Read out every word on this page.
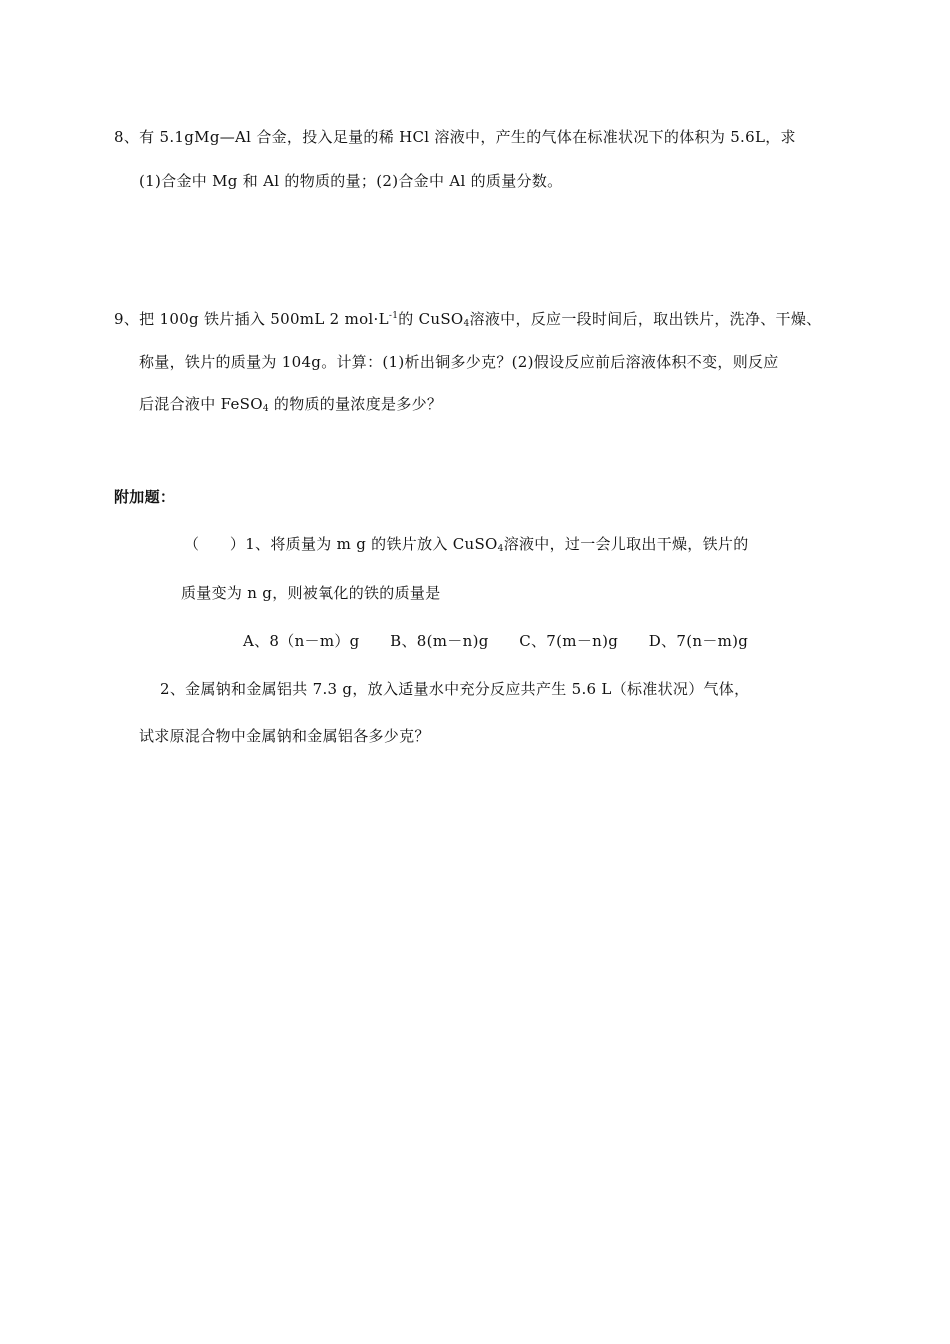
8、有 5.1gMg—Al 合金，投入足量的稀 HCl 溶液中，产生的气体在标准状况下的体积为 5.6L，求
(1)合金中 Mg 和 Al 的物质的量；(2)合金中 Al 的质量分数。
9、把 100g 铁片插入 500mL 2 $mol\cdot L^{-1}$的 CuSO$_4$溶液中，反应一段时间后，取出铁片，洗净、干燥、
称量，铁片的质量为 104g。计算：(1)析出铜多少克？(2)假设反应前后溶液体积不变，则反应
后混合液中 FeSO$_4$ 的物质的量浓度是多少？
附加题：
（　　）1、将质量为 m g 的铁片放入 CuSO$_4$溶液中，过一会儿取出干燥，铁片的
质量变为 n g，则被氧化的铁的质量是
A、8（n－m）g　　B、8(m－n)g　　C、7(m－n)g　　D、7(n－m)g
2、金属钠和金属铝共 7.3 g，放入适量水中充分反应共产生 5.6 L（标准状况）气体，
试求原混合物中金属钠和金属铝各多少克？
